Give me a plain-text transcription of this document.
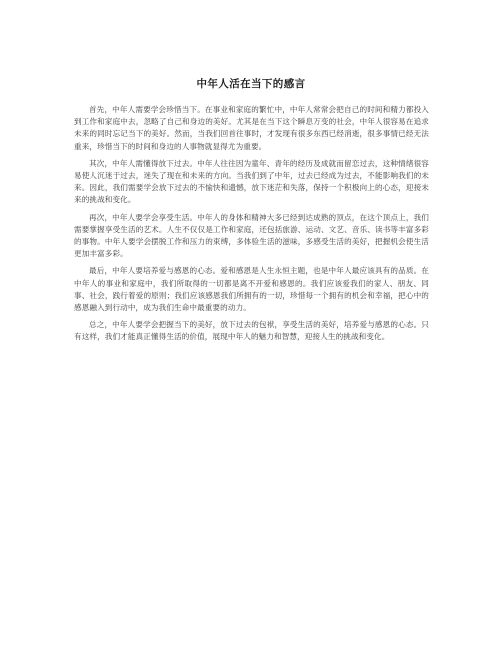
中年人活在当下的感言

首先，中年人需要学会珍惜当下。在事业和家庭的繁忙中，中年人常常会把自己的时间和精力都投入到工作和家庭中去，忽略了自己和身边的美好。尤其是在当下这个瞬息万变的社会，中年人很容易在追求未来的同时忘记当下的美好。然而，当我们回首往事时，才发现有很多东西已经消逝，很多事情已经无法重来，珍惜当下的时间和身边的人事物就显得尤为重要。

其次，中年人需懂得放下过去。中年人往往因为童年、青年的经历及成就而留恋过去，这种情绪很容易使人沉迷于过去，迷失了现在和未来的方向。当我们到了中年，过去已经成为过去，不能影响我们的未来。因此，我们需要学会放下过去的不愉快和遗憾，放下迷茫和失落，保持一个积极向上的心态，迎接未来的挑战和变化。

再次，中年人要学会享受生活。中年人的身体和精神大多已经到达成熟的顶点，在这个顶点上，我们需要掌握享受生活的艺术。人生不仅仅是工作和家庭，还包括旅游、运动、文艺、音乐、读书等丰富多彩的事物。中年人要学会摆脱工作和压力的束缚，多体验生活的滋味，多感受生活的美好，把握机会使生活更加丰富多彩。

最后，中年人要培养爱与感恩的心态。爱和感恩是人生永恒主题，也是中年人最应该具有的品质。在中年人的事业和家庭中，我们所取得的一切都是离不开爱和感恩的。我们应该爱我们的家人、朋友、同事、社会，践行着爱的原则；我们应该感恩我们所拥有的一切，珍惜每一个拥有的机会和幸福，把心中的感恩融入到行动中，成为我们生命中最重要的动力。

总之，中年人要学会把握当下的美好，放下过去的包袱，享受生活的美好，培养爱与感恩的心态。只有这样，我们才能真正懂得生活的价值，展现中年人的魅力和智慧，迎接人生的挑战和变化。
